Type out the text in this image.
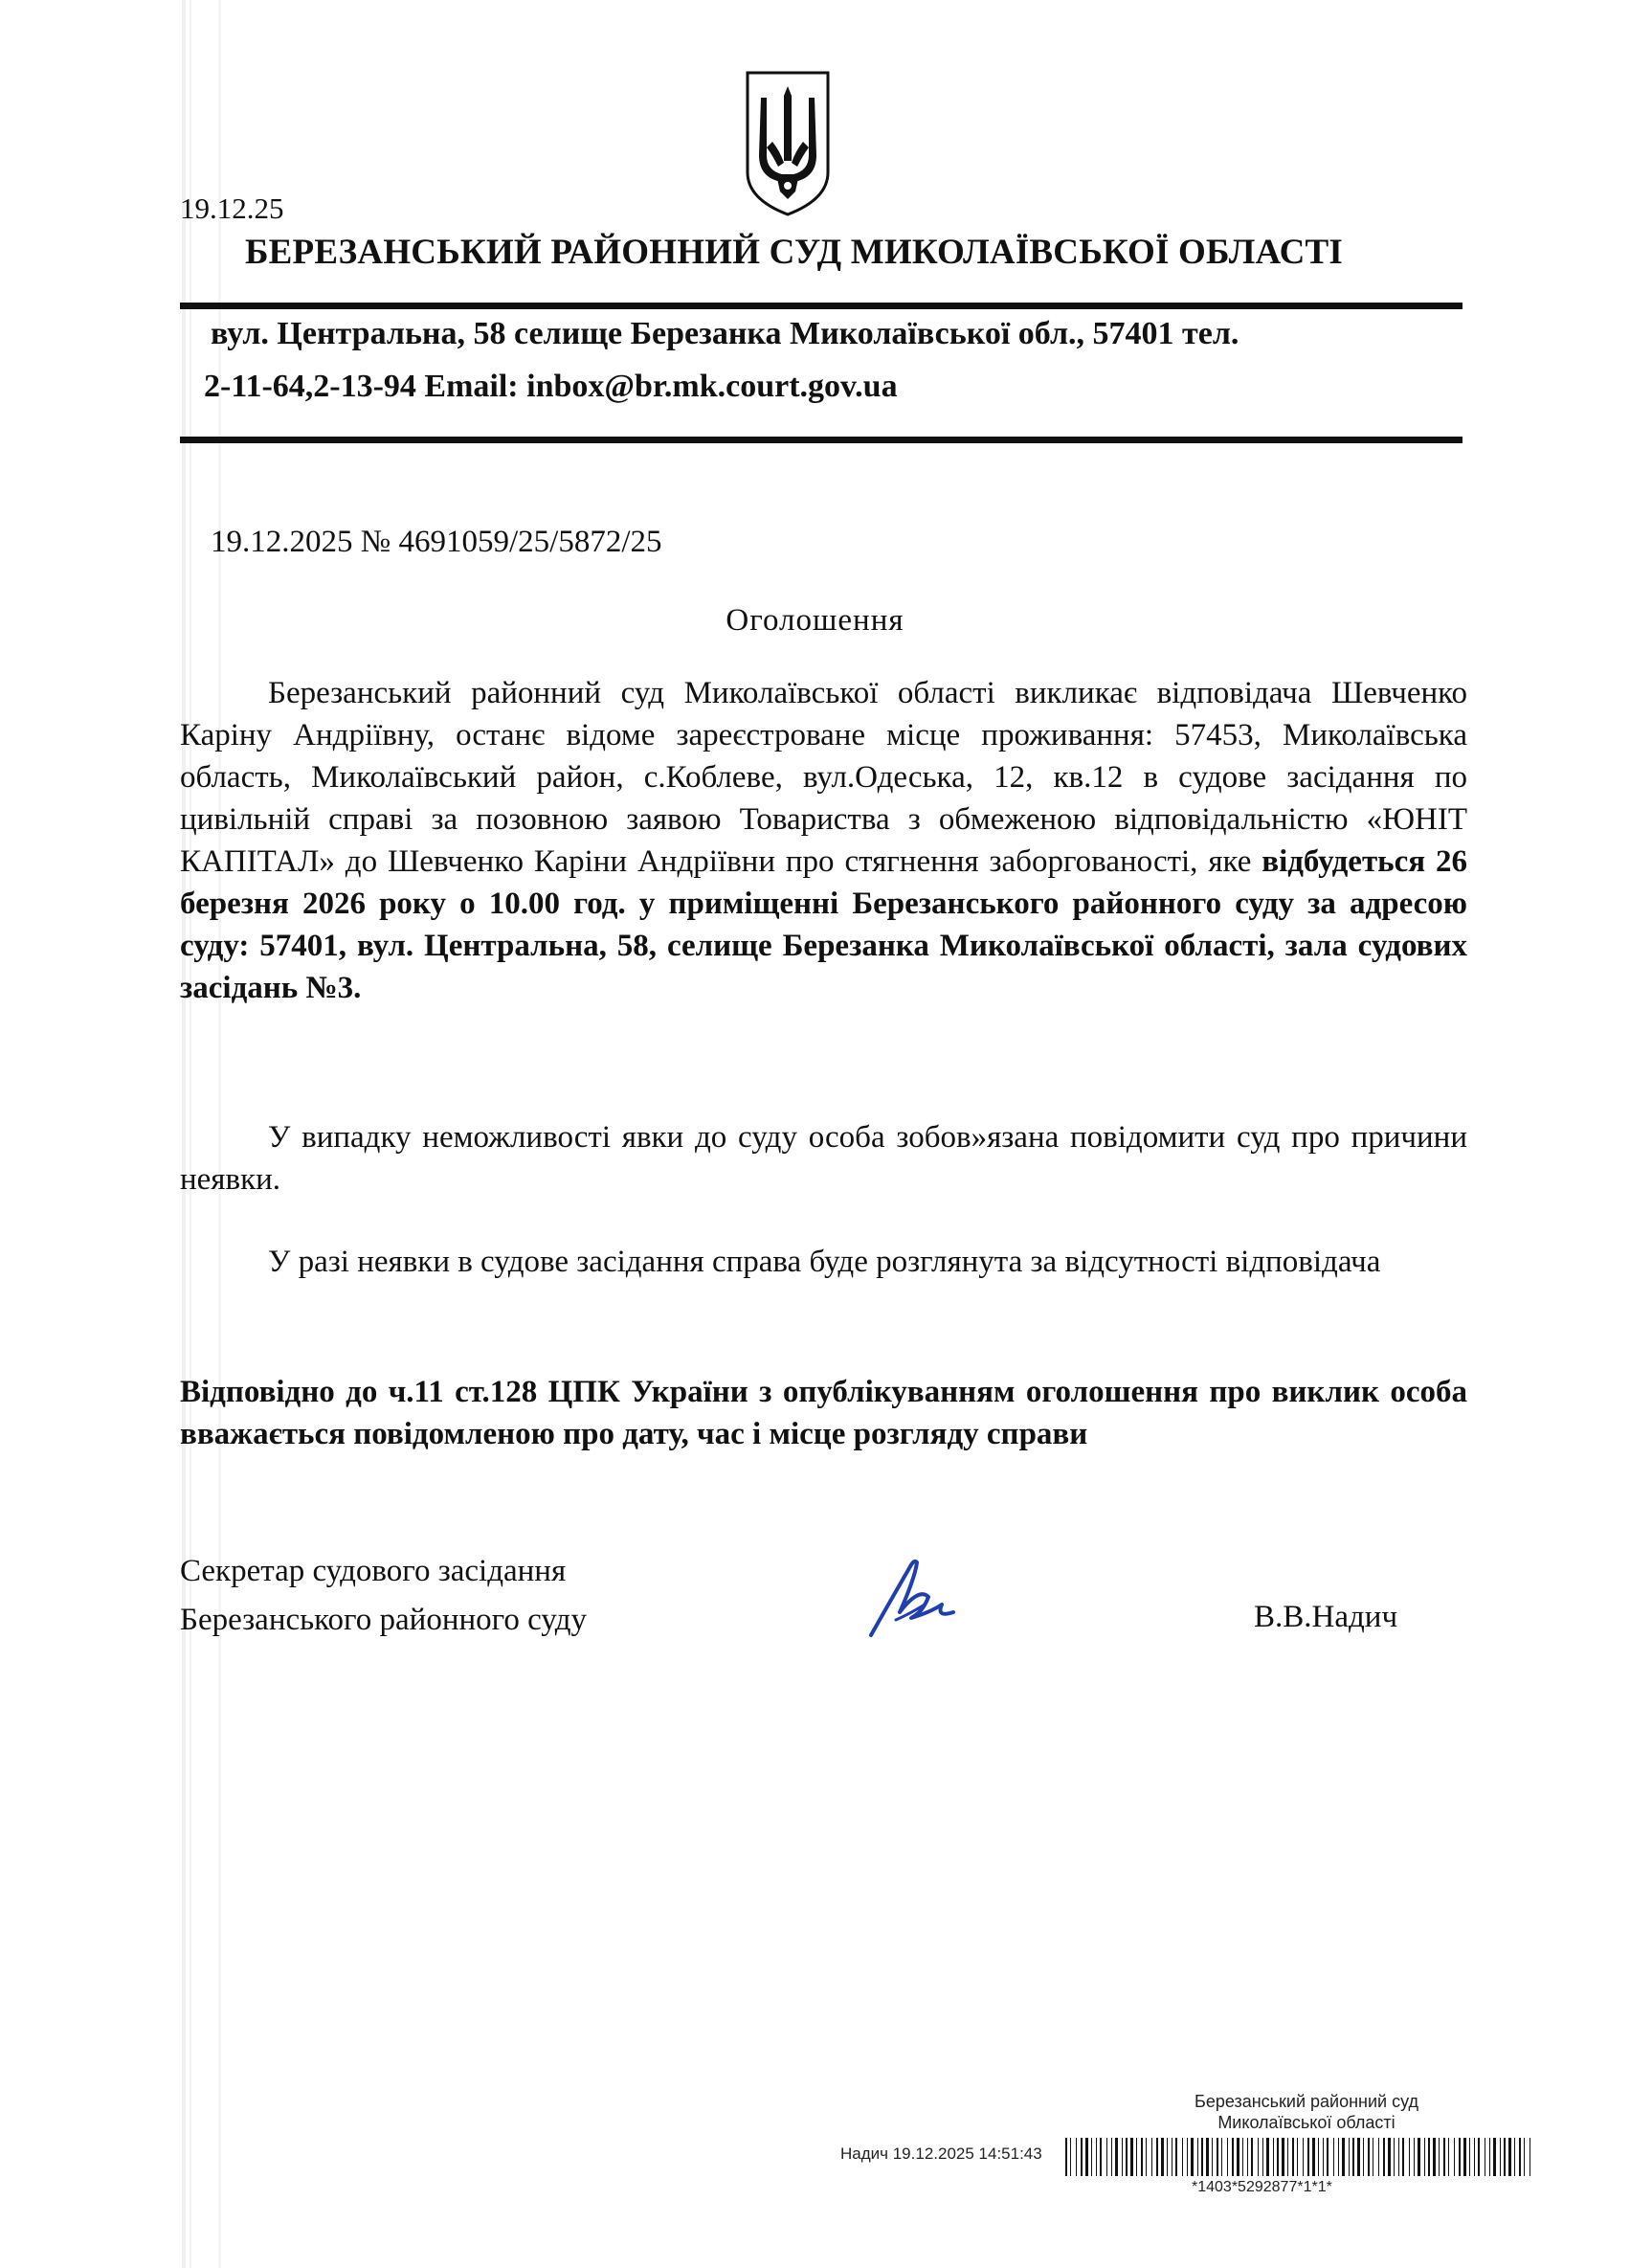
19.12.25
БЕРЕЗАНСЬКИЙ РАЙОННИЙ СУД МИКОЛАЇВСЬКОЇ ОБЛАСТІ
вул. Центральна, 58 селище Березанка Миколаївської обл., 57401 тел.
2-11-64,2-13-94 Email: inbox@br.mk.court.gov.ua
19.12.2025 № 4691059/25/5872/25
Оголошення
Березанський районний суд Миколаївської області викликає відповідача Шевченко Каріну Андріївну, останє відоме зареєстроване місце проживання: 57453, Миколаївська область, Миколаївський район, с.Коблеве, вул.Одеська, 12, кв.12 в судове засідання по цивільній справі за позовною заявою Товариства з обмеженою відповідальністю «ЮНІТ КАПІТАЛ» до Шевченко Каріни Андріївни про стягнення заборгованості, яке відбудеться 26 березня 2026 року о 10.00 год. у приміщенні Березанського районного суду за адресою суду: 57401, вул. Центральна, 58, селище Березанка Миколаївської області, зала судових засідань №3.
У випадку неможливості явки до суду особа зобов»язана повідомити суд про причини неявки.
У разі неявки в судове засідання справа буде розглянута за відсутності відповідача
Відповідно до ч.11 ст.128 ЦПК України з опублікуванням оголошення про виклик особа вважається повідомленою про дату, час і місце розгляду справи
Секретар судового засідання
Березанського районного суду	В.В.Надич
Березанський районний суд
Миколаївської області
Надич 19.12.2025 14:51:43
*1403*5292877*1*1*
